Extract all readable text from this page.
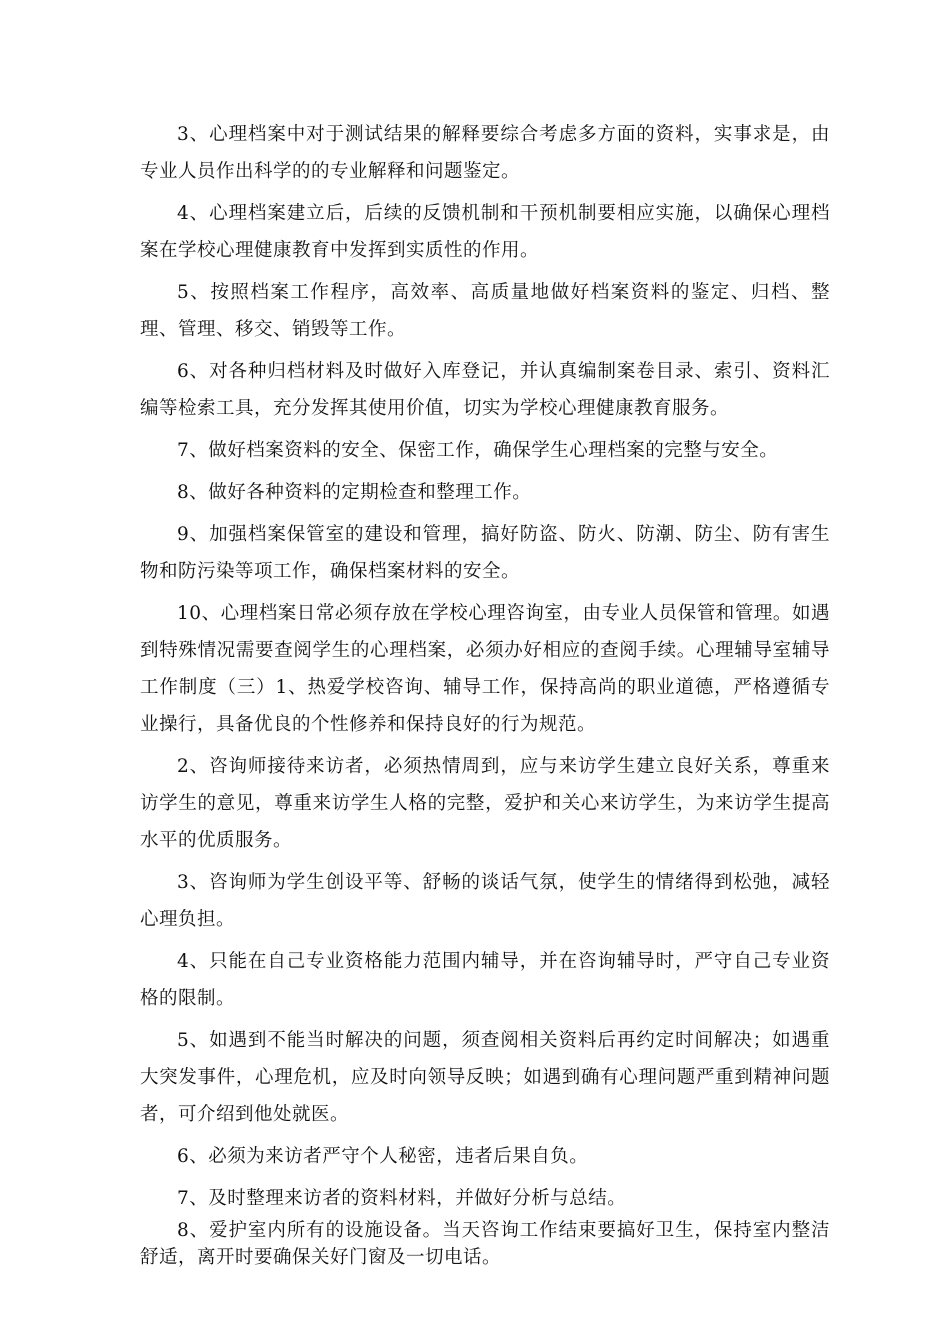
3、心理档案中对于测试结果的解释要综合考虑多方面的资料，实事求是，由专业人员作出科学的的专业解释和问题鉴定。

4、心理档案建立后，后续的反馈机制和干预机制要相应实施，以确保心理档案在学校心理健康教育中发挥到实质性的作用。

5、按照档案工作程序，高效率、高质量地做好档案资料的鉴定、归档、整理、管理、移交、销毁等工作。

6、对各种归档材料及时做好入库登记，并认真编制案卷目录、索引、资料汇编等检索工具，充分发挥其使用价值，切实为学校心理健康教育服务。

7、做好档案资料的安全、保密工作，确保学生心理档案的完整与安全。

8、做好各种资料的定期检查和整理工作。

9、加强档案保管室的建设和管理，搞好防盗、防火、防潮、防尘、防有害生物和防污染等项工作，确保档案材料的安全。

10、心理档案日常必须存放在学校心理咨询室，由专业人员保管和管理。如遇到特殊情况需要查阅学生的心理档案，必须办好相应的查阅手续。心理辅导室辅导工作制度（三）1、热爱学校咨询、辅导工作，保持高尚的职业道德，严格遵循专业操行，具备优良的个性修养和保持良好的行为规范。

2、咨询师接待来访者，必须热情周到，应与来访学生建立良好关系，尊重来访学生的意见，尊重来访学生人格的完整，爱护和关心来访学生，为来访学生提高水平的优质服务。

3、咨询师为学生创设平等、舒畅的谈话气氛，使学生的情绪得到松弛，减轻心理负担。

4、只能在自己专业资格能力范围内辅导，并在咨询辅导时，严守自己专业资格的限制。

5、如遇到不能当时解决的问题，须查阅相关资料后再约定时间解决；如遇重大突发事件，心理危机，应及时向领导反映；如遇到确有心理问题严重到精神问题者，可介绍到他处就医。

6、必须为来访者严守个人秘密，违者后果自负。

7、及时整理来访者的资料材料，并做好分析与总结。

8、爱护室内所有的设施设备。当天咨询工作结束要搞好卫生，保持室内整洁舒适，离开时要确保关好门窗及一切电话。
